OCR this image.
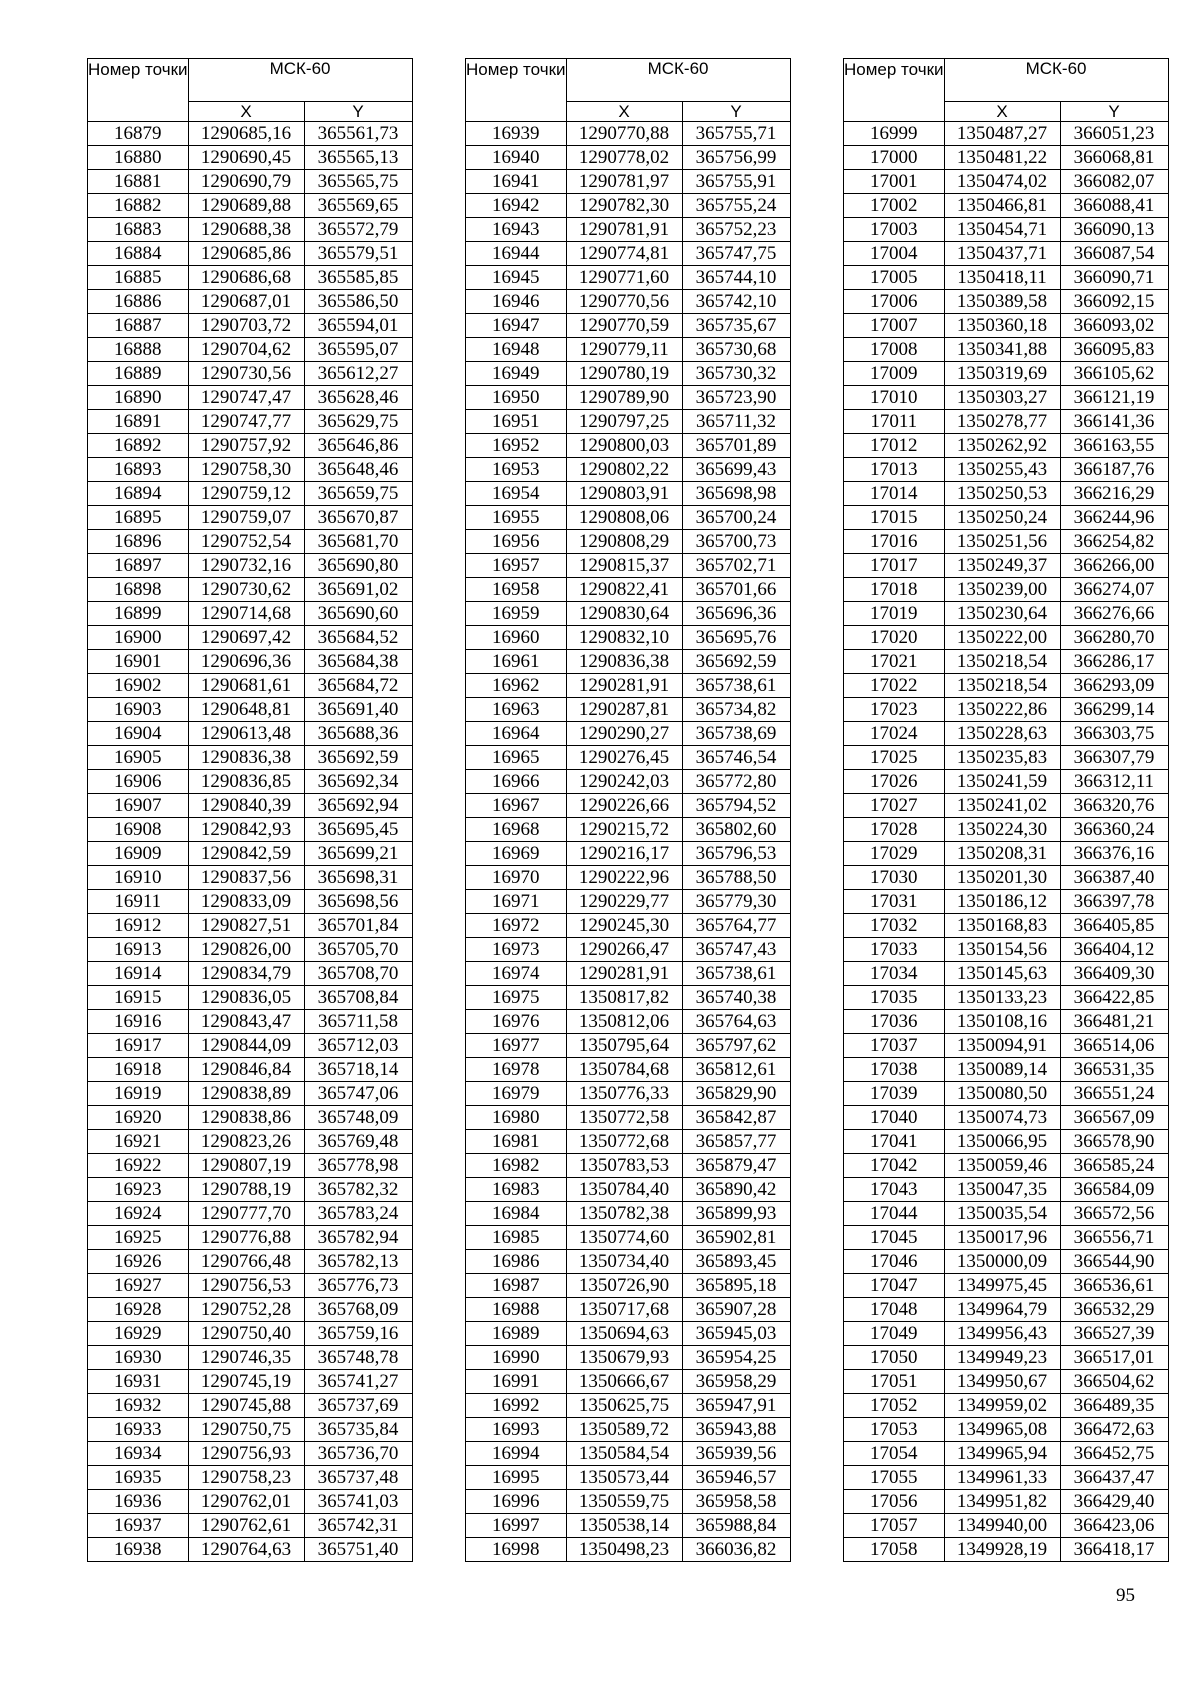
Номер точки	МСК-60	
	X	Y
16879	1290685,16	365561,73
16880	1290690,45	365565,13
16881	1290690,79	365565,75
16882	1290689,88	365569,65
16883	1290688,38	365572,79
16884	1290685,86	365579,51
16885	1290686,68	365585,85
16886	1290687,01	365586,50
16887	1290703,72	365594,01
16888	1290704,62	365595,07
16889	1290730,56	365612,27
16890	1290747,47	365628,46
16891	1290747,77	365629,75
16892	1290757,92	365646,86
16893	1290758,30	365648,46
16894	1290759,12	365659,75
16895	1290759,07	365670,87
16896	1290752,54	365681,70
16897	1290732,16	365690,80
16898	1290730,62	365691,02
16899	1290714,68	365690,60
16900	1290697,42	365684,52
16901	1290696,36	365684,38
16902	1290681,61	365684,72
16903	1290648,81	365691,40
16904	1290613,48	365688,36
16905	1290836,38	365692,59
16906	1290836,85	365692,34
16907	1290840,39	365692,94
16908	1290842,93	365695,45
16909	1290842,59	365699,21
16910	1290837,56	365698,31
16911	1290833,09	365698,56
16912	1290827,51	365701,84
16913	1290826,00	365705,70
16914	1290834,79	365708,70
16915	1290836,05	365708,84
16916	1290843,47	365711,58
16917	1290844,09	365712,03
16918	1290846,84	365718,14
16919	1290838,89	365747,06
16920	1290838,86	365748,09
16921	1290823,26	365769,48
16922	1290807,19	365778,98
16923	1290788,19	365782,32
16924	1290777,70	365783,24
16925	1290776,88	365782,94
16926	1290766,48	365782,13
16927	1290756,53	365776,73
16928	1290752,28	365768,09
16929	1290750,40	365759,16
16930	1290746,35	365748,78
16931	1290745,19	365741,27
16932	1290745,88	365737,69
16933	1290750,75	365735,84
16934	1290756,93	365736,70
16935	1290758,23	365737,48
16936	1290762,01	365741,03
16937	1290762,61	365742,31
16938	1290764,63	365751,40
Номер точки	МСК-60	
	X	Y
16939	1290770,88	365755,71
16940	1290778,02	365756,99
16941	1290781,97	365755,91
16942	1290782,30	365755,24
16943	1290781,91	365752,23
16944	1290774,81	365747,75
16945	1290771,60	365744,10
16946	1290770,56	365742,10
16947	1290770,59	365735,67
16948	1290779,11	365730,68
16949	1290780,19	365730,32
16950	1290789,90	365723,90
16951	1290797,25	365711,32
16952	1290800,03	365701,89
16953	1290802,22	365699,43
16954	1290803,91	365698,98
16955	1290808,06	365700,24
16956	1290808,29	365700,73
16957	1290815,37	365702,71
16958	1290822,41	365701,66
16959	1290830,64	365696,36
16960	1290832,10	365695,76
16961	1290836,38	365692,59
16962	1290281,91	365738,61
16963	1290287,81	365734,82
16964	1290290,27	365738,69
16965	1290276,45	365746,54
16966	1290242,03	365772,80
16967	1290226,66	365794,52
16968	1290215,72	365802,60
16969	1290216,17	365796,53
16970	1290222,96	365788,50
16971	1290229,77	365779,30
16972	1290245,30	365764,77
16973	1290266,47	365747,43
16974	1290281,91	365738,61
16975	1350817,82	365740,38
16976	1350812,06	365764,63
16977	1350795,64	365797,62
16978	1350784,68	365812,61
16979	1350776,33	365829,90
16980	1350772,58	365842,87
16981	1350772,68	365857,77
16982	1350783,53	365879,47
16983	1350784,40	365890,42
16984	1350782,38	365899,93
16985	1350774,60	365902,81
16986	1350734,40	365893,45
16987	1350726,90	365895,18
16988	1350717,68	365907,28
16989	1350694,63	365945,03
16990	1350679,93	365954,25
16991	1350666,67	365958,29
16992	1350625,75	365947,91
16993	1350589,72	365943,88
16994	1350584,54	365939,56
16995	1350573,44	365946,57
16996	1350559,75	365958,58
16997	1350538,14	365988,84
16998	1350498,23	366036,82
Номер точки	МСК-60	
	X	Y
16999	1350487,27	366051,23
17000	1350481,22	366068,81
17001	1350474,02	366082,07
17002	1350466,81	366088,41
17003	1350454,71	366090,13
17004	1350437,71	366087,54
17005	1350418,11	366090,71
17006	1350389,58	366092,15
17007	1350360,18	366093,02
17008	1350341,88	366095,83
17009	1350319,69	366105,62
17010	1350303,27	366121,19
17011	1350278,77	366141,36
17012	1350262,92	366163,55
17013	1350255,43	366187,76
17014	1350250,53	366216,29
17015	1350250,24	366244,96
17016	1350251,56	366254,82
17017	1350249,37	366266,00
17018	1350239,00	366274,07
17019	1350230,64	366276,66
17020	1350222,00	366280,70
17021	1350218,54	366286,17
17022	1350218,54	366293,09
17023	1350222,86	366299,14
17024	1350228,63	366303,75
17025	1350235,83	366307,79
17026	1350241,59	366312,11
17027	1350241,02	366320,76
17028	1350224,30	366360,24
17029	1350208,31	366376,16
17030	1350201,30	366387,40
17031	1350186,12	366397,78
17032	1350168,83	366405,85
17033	1350154,56	366404,12
17034	1350145,63	366409,30
17035	1350133,23	366422,85
17036	1350108,16	366481,21
17037	1350094,91	366514,06
17038	1350089,14	366531,35
17039	1350080,50	366551,24
17040	1350074,73	366567,09
17041	1350066,95	366578,90
17042	1350059,46	366585,24
17043	1350047,35	366584,09
17044	1350035,54	366572,56
17045	1350017,96	366556,71
17046	1350000,09	366544,90
17047	1349975,45	366536,61
17048	1349964,79	366532,29
17049	1349956,43	366527,39
17050	1349949,23	366517,01
17051	1349950,67	366504,62
17052	1349959,02	366489,35
17053	1349965,08	366472,63
17054	1349965,94	366452,75
17055	1349961,33	366437,47
17056	1349951,82	366429,40
17057	1349940,00	366423,06
17058	1349928,19	366418,17
95
